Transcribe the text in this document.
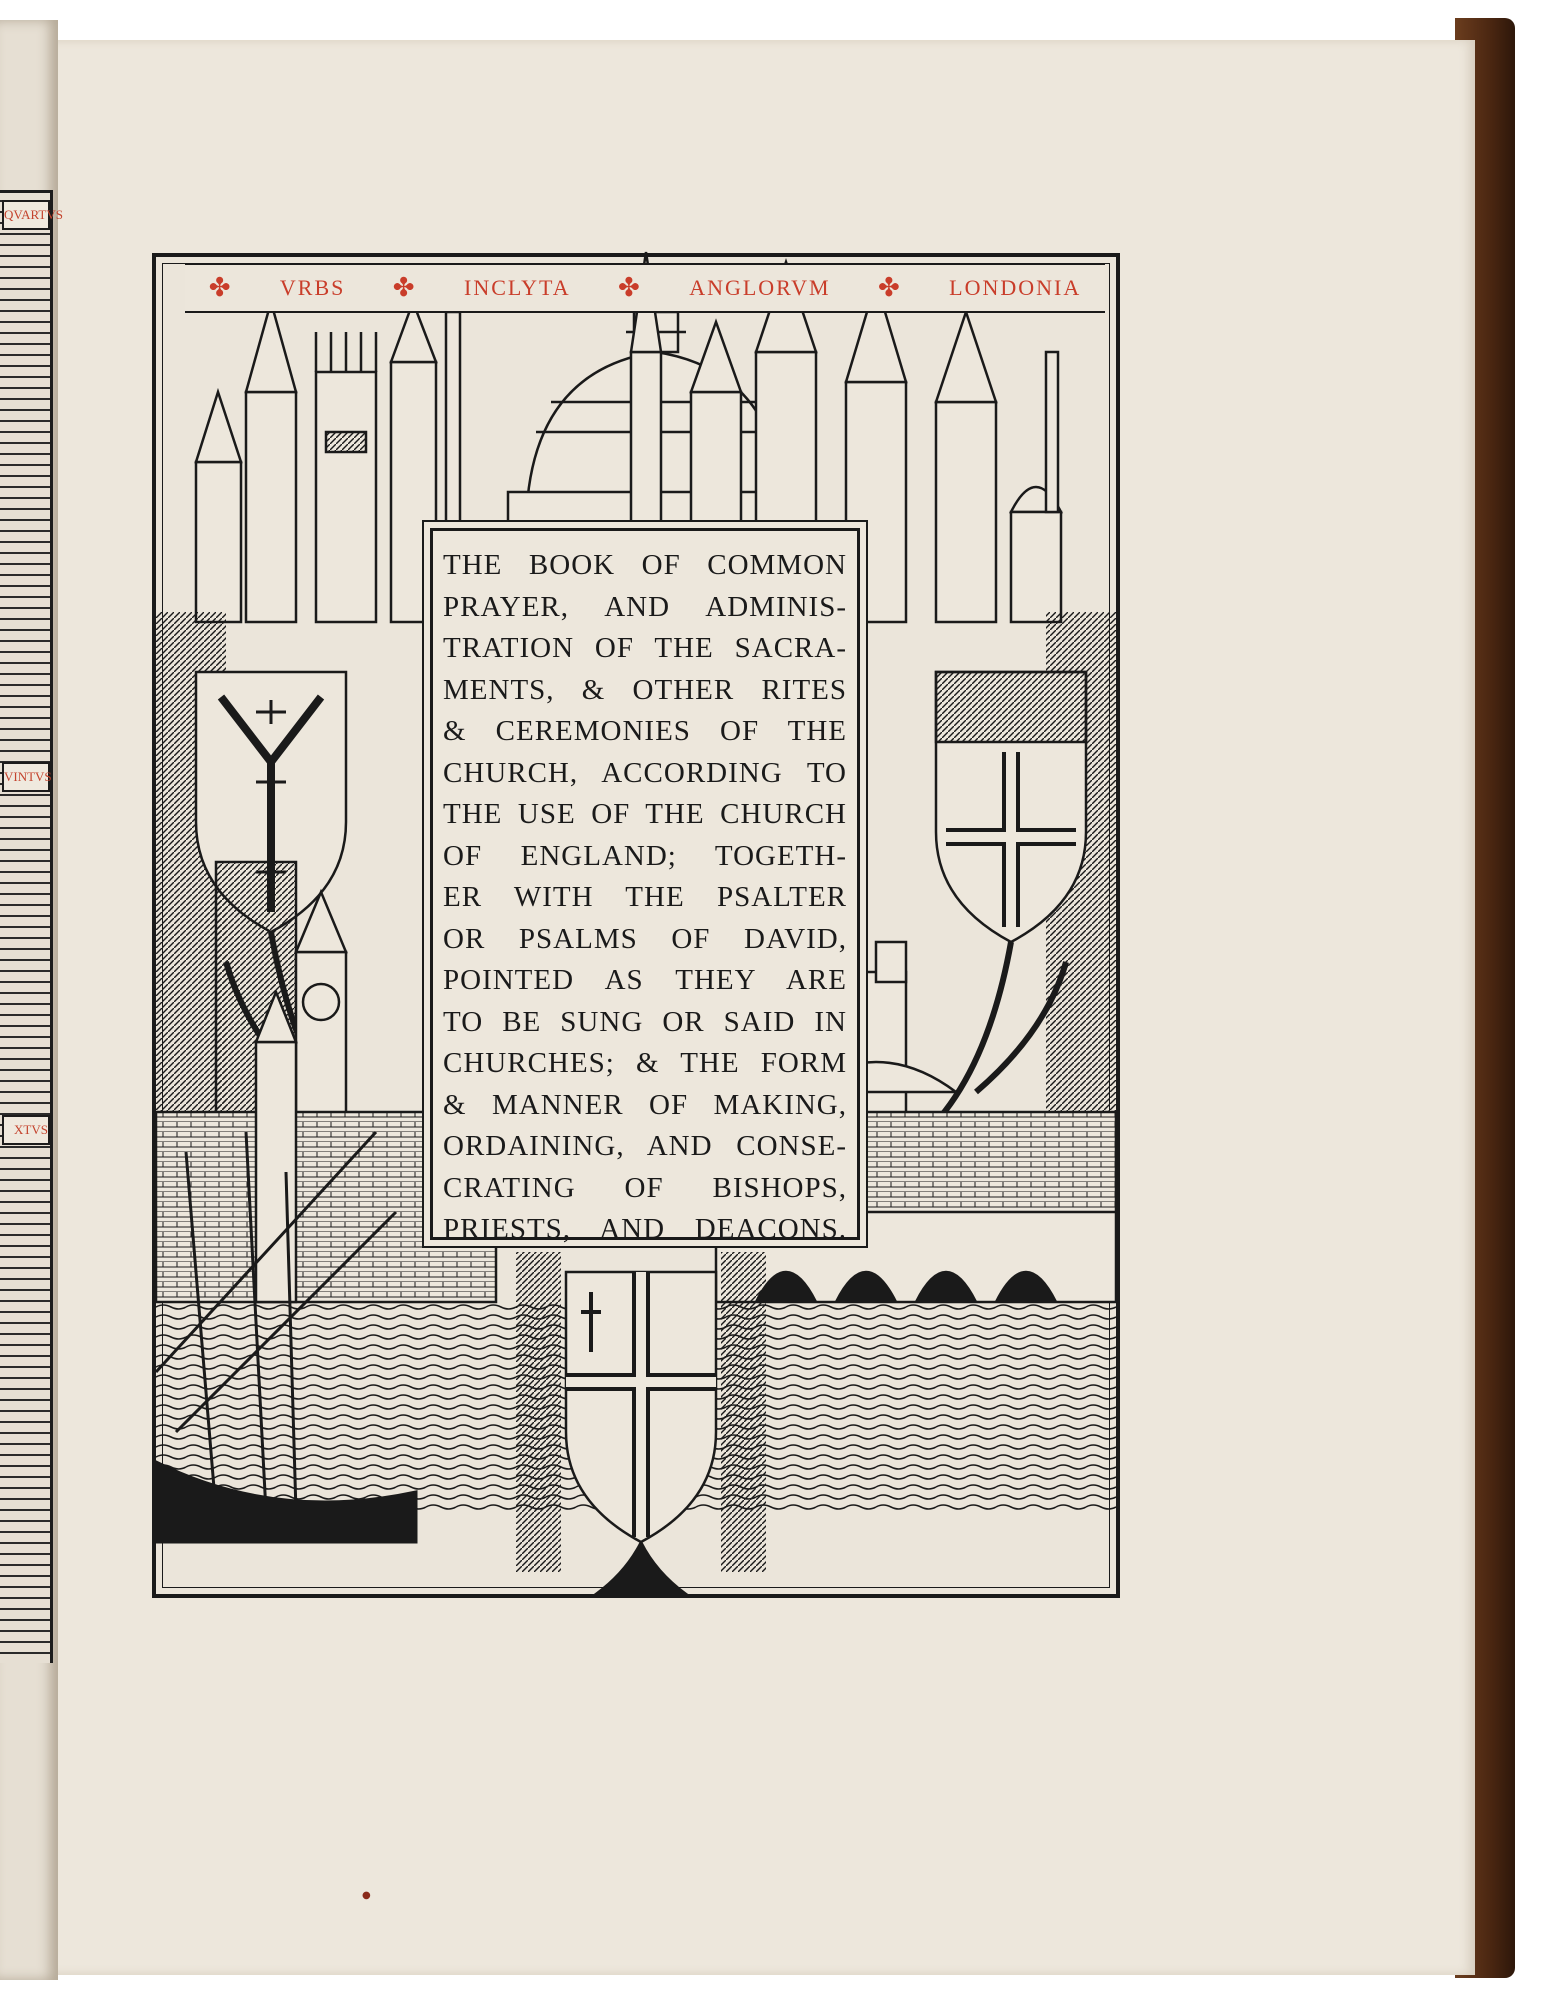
QVARTVS
VINTVS
XTVS
✤ VRBS ✤ INCLYTA ✤ ANGLORVM ✤ LONDONIA
THE BOOK OF COMMON
PRAYER, AND ADMINIS-
TRATION OF THE SACRA-
MENTS, & OTHER RITES
& CEREMONIES OF THE
CHURCH, ACCORDING TO
THE USE OF THE CHURCH
OF ENGLAND; TOGETH-
ER WITH THE PSALTER
OR PSALMS OF DAVID,
POINTED AS THEY ARE
TO BE SUNG OR SAID IN
CHURCHES; & THE FORM
& MANNER OF MAKING,
ORDAINING, AND CONSE-
CRATING OF BISHOPS,
PRIESTS, AND DEACONS.
●
